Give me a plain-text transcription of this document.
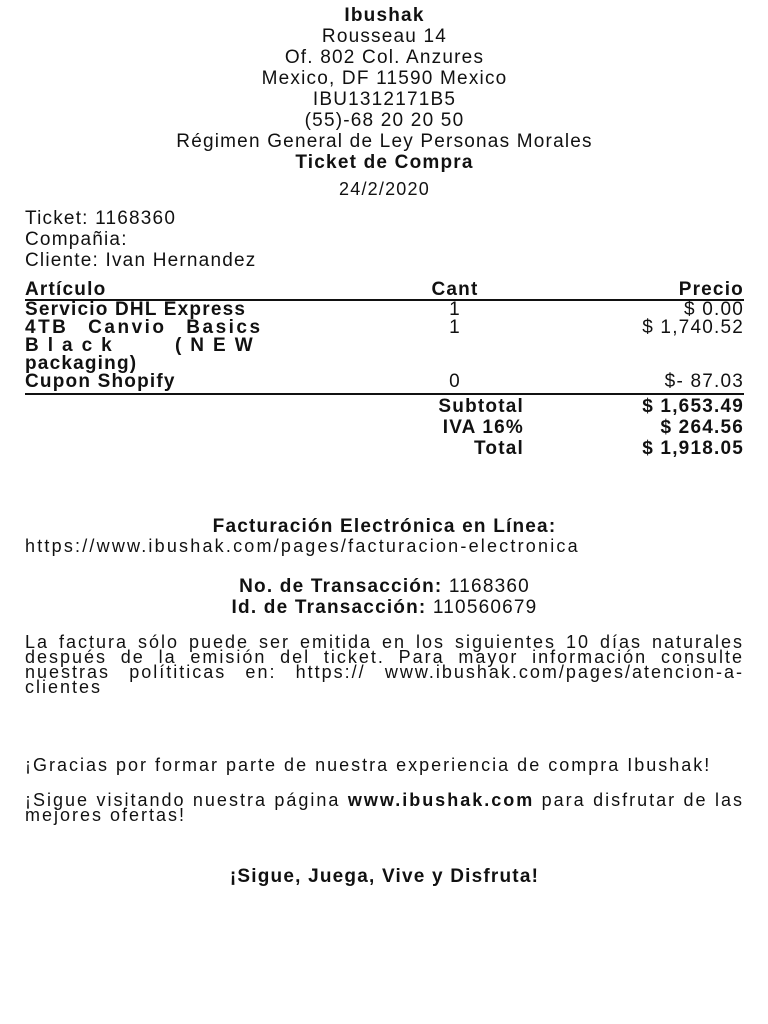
Ibushak
Rousseau 14
Of. 802 Col. Anzures
Mexico, DF 11590 Mexico
IBU1312171B5
(55)-68 20 20 50
Régimen General de Ley Personas Morales
Ticket de Compra
24/2/2020
Ticket: 1168360
Compañia:
Cliente: Ivan Hernandez
Artículo	Cant	Precio
Servicio DHL Express	1	$ 0.00

4TB Canvio Basics
Black (NEW
packaging)	1	$ 1,740.52
Cupon Shopify	0	$- 87.03
Subtotal	$ 1,653.49
IVA 16%	$ 264.56
Total	$ 1,918.05
Facturación Electrónica en Línea:
https://www.ibushak.com/pages/facturacion-electronica
No. de Transacción: 1168360
Id. de Transacción: 110560679
La factura sólo puede ser emitida en los siguientes 10 días naturales después de la emisión del ticket. Para mayor información consulte nuestras polítiticas en: https:// www.ibushak.com/pages/atencion-a-clientes
¡Gracias por formar parte de nuestra experiencia de compra Ibushak!
¡Sigue visitando nuestra página www.ibushak.com para disfrutar de las mejores ofertas!
¡Sigue, Juega, Vive y Disfruta!
